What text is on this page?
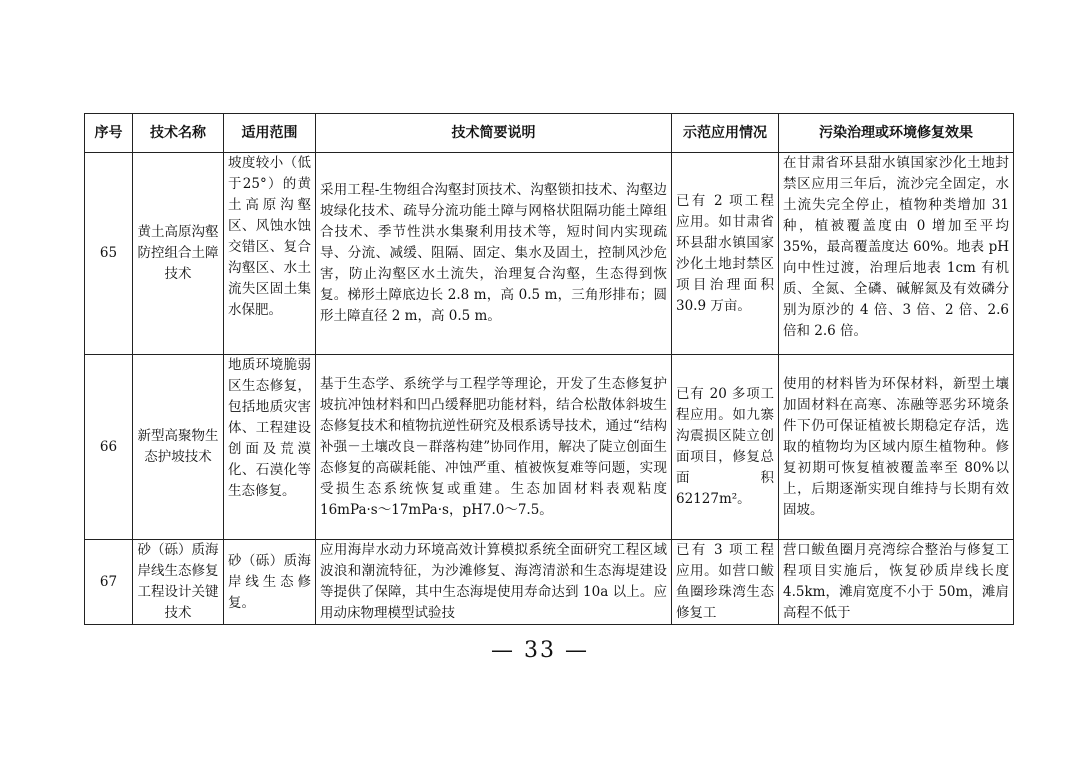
序号	技术名称	适用范围	技术简要说明	示范应用情况	污染治理或环境修复效果
65	黄土高原沟壑防控组合土障技术	坡度较小（低于25°）的黄土高原沟壑区、风蚀水蚀交错区、复合沟壑区、水土流失区固土集水保肥。	采用工程-生物组合沟壑封顶技术、沟壑锁扣技术、沟壑边坡绿化技术、疏导分流功能土障与网格状阻隔功能土障组合技术、季节性洪水集聚利用技术等，短时间内实现疏导、分流、减缓、阻隔、固定、集水及固土，控制风沙危害，防止沟壑区水土流失，治理复合沟壑，生态得到恢复。梯形土障底边长 2.8 m，高 0.5 m，三角形排布；圆形土障直径 2 m，高 0.5 m。	已有 2 项工程应用。如甘肃省环县甜水镇国家沙化土地封禁区项目治理面积 30.9 万亩。	在甘肃省环县甜水镇国家沙化土地封禁区应用三年后，流沙完全固定，水土流失完全停止，植物种类增加 31 种，植被覆盖度由 0 增加至平均 35%，最高覆盖度达 60%。地表 pH 向中性过渡，治理后地表 1cm 有机质、全氮、全磷、碱解氮及有效磷分别为原沙的 4 倍、3 倍、2 倍、2.6 倍和 2.6 倍。
66	新型高聚物生态护坡技术	地质环境脆弱区生态修复，包括地质灾害体、工程建设创面及荒漠化、石漠化等生态修复。	基于生态学、系统学与工程学等理论，开发了生态修复护坡抗冲蚀材料和凹凸缓释肥功能材料，结合松散体斜坡生态修复技术和植物抗逆性研究及根系诱导技术，通过“结构补强－土壤改良－群落构建”协同作用，解决了陡立创面生态修复的高碳耗能、冲蚀严重、植被恢复难等问题，实现受损生态系统恢复或重建。生态加固材料表观粘度 16mPa·s～17mPa·s，pH7.0～7.5。	已有 20 多项工程应用。如九寨沟震损区陡立创面项目，修复总面积 62127m²。	使用的材料皆为环保材料，新型土壤加固材料在高寒、冻融等恶劣环境条件下仍可保证植被长期稳定存活，选取的植物均为区域内原生植物种。修复初期可恢复植被覆盖率至 80%以上，后期逐渐实现自维持与长期有效固坡。
67	砂（砾）质海岸线生态修复工程设计关键技术	砂（砾）质海岸线生态修复。	应用海岸水动力环境高效计算模拟系统全面研究工程区域波浪和潮流特征，为沙滩修复、海湾清淤和生态海堤建设等提供了保障，其中生态海堤使用寿命达到 10a 以上。应用动床物理模型试验技	已有 3 项工程应用。如营口鲅鱼圈珍珠湾生态修复工	营口鲅鱼圈月亮湾综合整治与修复工程项目实施后，恢复砂质岸线长度 4.5km，滩肩宽度不小于 50m，滩肩高程不低于
— 33 —
